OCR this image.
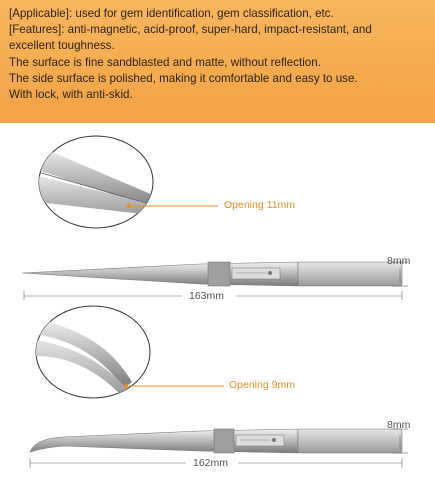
[Applicable]: used for gem identification, gem classification, etc.
[Features]: anti-magnetic, acid-proof, super-hard, impact-resistant, and
excellent toughness.
The surface is fine sandblasted and matte, without reflection.
The side surface is polished, making it comfortable and easy to use.
With lock, with anti-skid.
Opening 11mm
8mm
163mm
Opening 9mm
8mm
162mm
